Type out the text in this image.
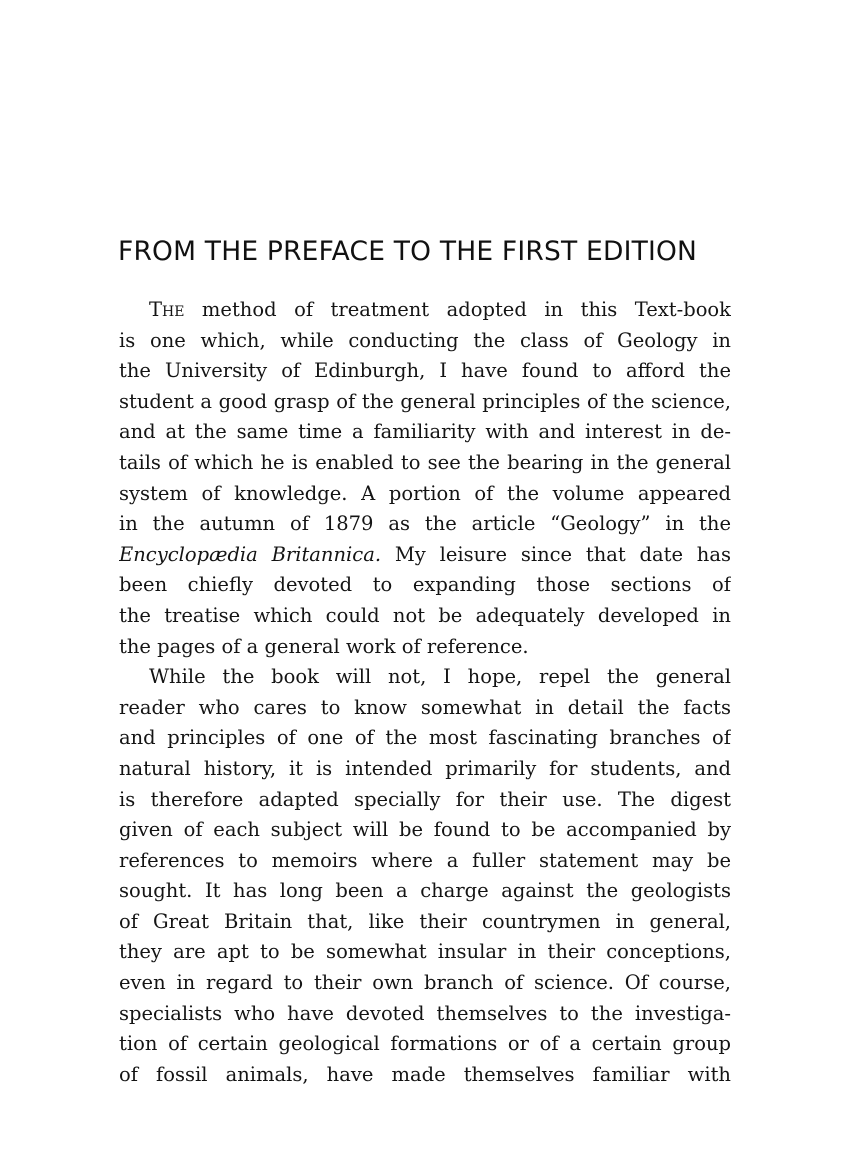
FROM THE PREFACE TO THE FIRST EDITION
The method of treatment adopted in this Text-book
is one which, while conducting the class of Geology in
the University of Edinburgh, I have found to afford the
student a good grasp of the general principles of the science,
and at the same time a familiarity with and interest in de-
tails of which he is enabled to see the bearing in the general
system of knowledge. A portion of the volume appeared
in the autumn of 1879 as the article “Geology” in the
Encyclopædia Britannica. My leisure since that date has
been chiefly devoted to expanding those sections of
the treatise which could not be adequately developed in
the pages of a general work of reference.
While the book will not, I hope, repel the general
reader who cares to know somewhat in detail the facts
and principles of one of the most fascinating branches of
natural history, it is intended primarily for students, and
is therefore adapted specially for their use. The digest
given of each subject will be found to be accompanied by
references to memoirs where a fuller statement may be
sought. It has long been a charge against the geologists
of Great Britain that, like their countrymen in general,
they are apt to be somewhat insular in their conceptions,
even in regard to their own branch of science. Of course,
specialists who have devoted themselves to the investiga-
tion of certain geological formations or of a certain group
of fossil animals, have made themselves familiar with
